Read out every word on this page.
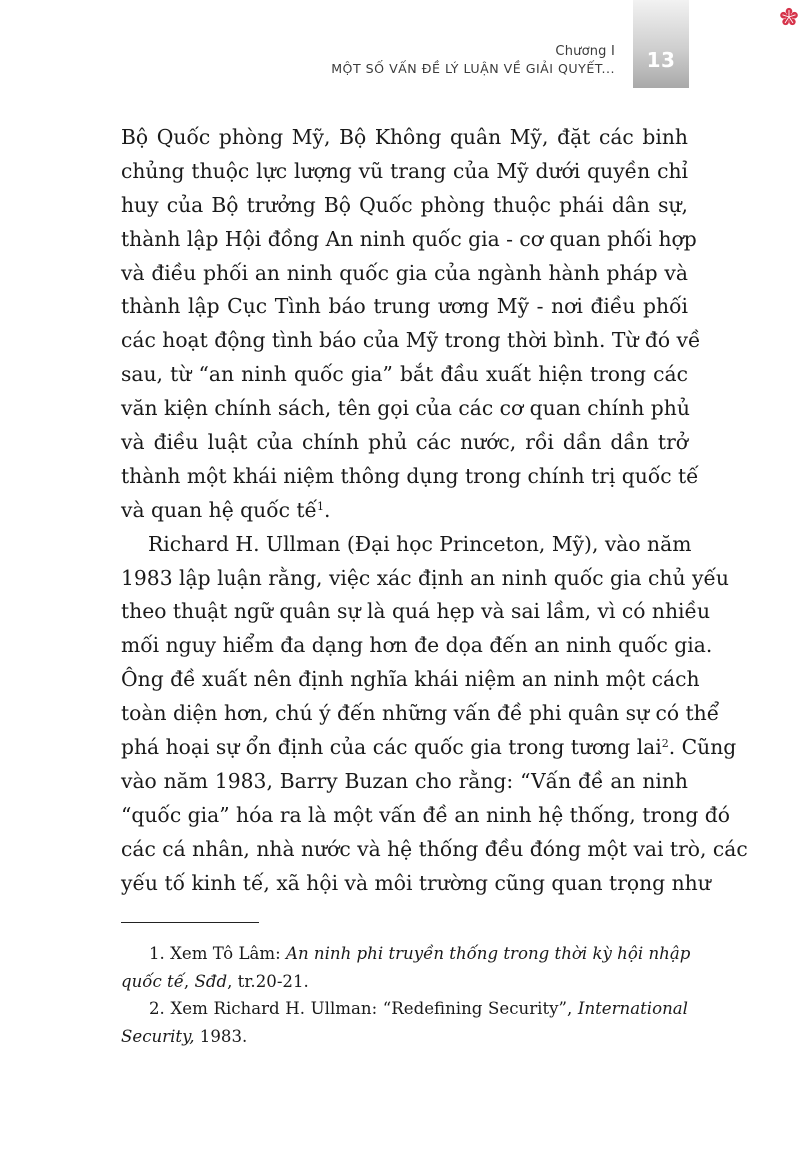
13
Chương I
MỘT SỐ VẤN ĐỀ LÝ LUẬN VỀ GIẢI QUYẾT...

Bộ Quốc phòng Mỹ, Bộ Không quân Mỹ, đặt các binh
chủng thuộc lực lượng vũ trang của Mỹ dưới quyền chỉ
huy của Bộ trưởng Bộ Quốc phòng thuộc phái dân sự,
thành lập Hội đồng An ninh quốc gia - cơ quan phối hợp
và điều phối an ninh quốc gia của ngành hành pháp và
thành lập Cục Tình báo trung ương Mỹ - nơi điều phối
các hoạt động tình báo của Mỹ trong thời bình. Từ đó về
sau, từ “an ninh quốc gia” bắt đầu xuất hiện trong các
văn kiện chính sách, tên gọi của các cơ quan chính phủ
và điều luật của chính phủ các nước, rồi dần dần trở
thành một khái niệm thông dụng trong chính trị quốc tế
và quan hệ quốc tế$^1$.

Richard H. Ullman (Đại học Princeton, Mỹ), vào năm
1983 lập luận rằng, việc xác định an ninh quốc gia chủ yếu
theo thuật ngữ quân sự là quá hẹp và sai lầm, vì có nhiều
mối nguy hiểm đa dạng hơn đe dọa đến an ninh quốc gia.
Ông đề xuất nên định nghĩa khái niệm an ninh một cách
toàn diện hơn, chú ý đến những vấn đề phi quân sự có thể
phá hoại sự ổn định của các quốc gia trong tương lai$^2$. Cũng
vào năm 1983, Barry Buzan cho rằng: “Vấn đề an ninh
“quốc gia” hóa ra là một vấn đề an ninh hệ thống, trong đó
các cá nhân, nhà nước và hệ thống đều đóng một vai trò, các
yếu tố kinh tế, xã hội và môi trường cũng quan trọng như

1. Xem Tô Lâm: An ninh phi truyền thống trong thời kỳ hội nhập
quốc tế, Sđd, tr.20-21.
2. Xem Richard H. Ullman: “Redefining Security”, International
Security, 1983.
